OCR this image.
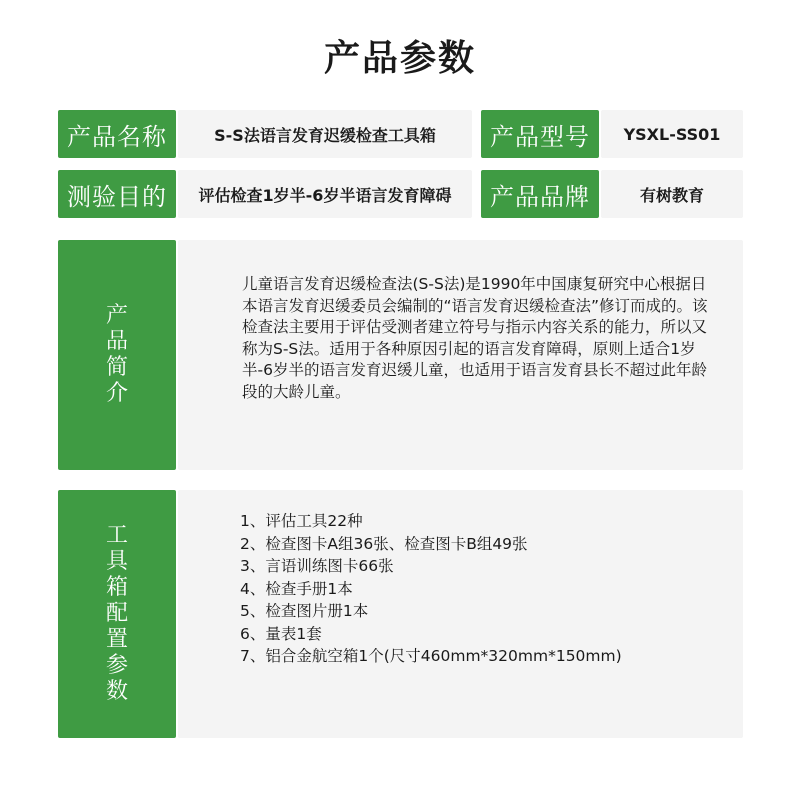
产品参数
产品名称	S-S法语言发育迟缓检查工具箱	产品型号	YSXL-SS01
测验目的	评估检查1岁半-6岁半语言发育障碍	产品品牌	有树教育
产
品
简
介

儿童语言发育迟缓检查法(S-S法)是1990年中国康复研究中心根据日本语言发育迟缓委员会编制的“语言发育迟缓检查法”修订而成的。该检查法主要用于评估受测者建立符号与指示内容关系的能力，所以又称为S-S法。适用于各种原因引起的语言发育障碍，原则上适合1岁半-6岁半的语言发育迟缓儿童，也适用于语言发育县长不超过此年龄段的大龄儿童。

工
具
箱
配
置
参
数
1、评估工具22种
2、检查图卡A组36张、检查图卡B组49张
3、言语训练图卡66张
4、检查手册1本
5、检查图片册1本
6、量表1套
7、铝合金航空箱1个(尺寸460mm*320mm*150mm)
